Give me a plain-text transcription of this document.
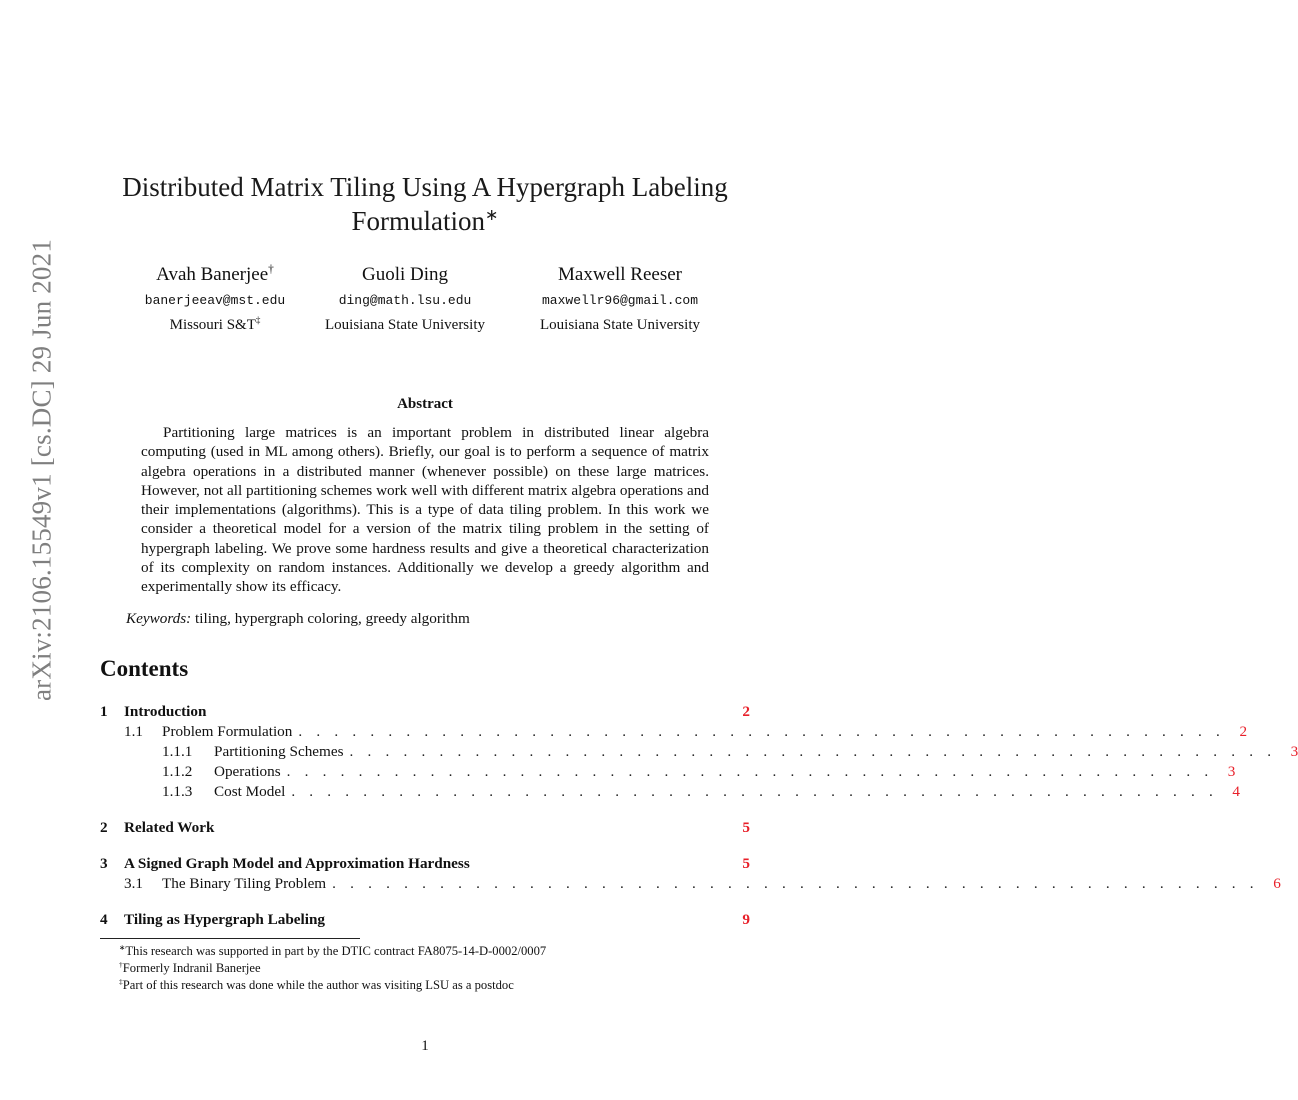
arXiv:2106.15549v1 [cs.DC] 29 Jun 2021
Distributed Matrix Tiling Using A Hypergraph Labeling
Formulation∗
Avah Banerjee†
banerjeeav@mst.edu
Missouri S&T‡
Guoli Ding
ding@math.lsu.edu
Louisiana State University
Maxwell Reeser
maxwellr96@gmail.com
Louisiana State University
Abstract

Partitioning large matrices is an important problem in distributed linear algebra computing (used in ML among others). Briefly, our goal is to perform a sequence of matrix algebra operations in a distributed manner (whenever possible) on these large matrices. However, not all partitioning schemes work well with different matrix algebra operations and their implementations (algorithms). This is a type of data tiling problem. In this work we consider a theoretical model for a version of the matrix tiling problem in the setting of hypergraph labeling. We prove some hardness results and give a theoretical characterization of its complexity on random instances. Additionally we develop a greedy algorithm and experimentally show its efficacy.

Keywords: tiling, hypergraph coloring, greedy algorithm
Contents
1	Introduction	2
1.1	Problem Formulation . . . . . . . . . . . . . . . . . . . . . . . . . . . . . . . . . . . . . . . . . . . . . . . . . . . . 2
1.1.1	Partitioning Schemes . . . . . . . . . . . . . . . . . . . . . . . . . . . . . . . . . . . . . . . . . . . . . . . . . . . . 3
1.1.2	Operations . . . . . . . . . . . . . . . . . . . . . . . . . . . . . . . . . . . . . . . . . . . . . . . . . . . . 3
1.1.3	Cost Model . . . . . . . . . . . . . . . . . . . . . . . . . . . . . . . . . . . . . . . . . . . . . . . . . . . . 4
2	Related Work	5
3	A Signed Graph Model and Approximation Hardness	5
3.1	The Binary Tiling Problem . . . . . . . . . . . . . . . . . . . . . . . . . . . . . . . . . . . . . . . . . . . . . . . . . . . . 6
4	Tiling as Hypergraph Labeling	9
∗This research was supported in part by the DTIC contract FA8075-14-D-0002/0007
†Formerly Indranil Banerjee
‡Part of this research was done while the author was visiting LSU as a postdoc
1
